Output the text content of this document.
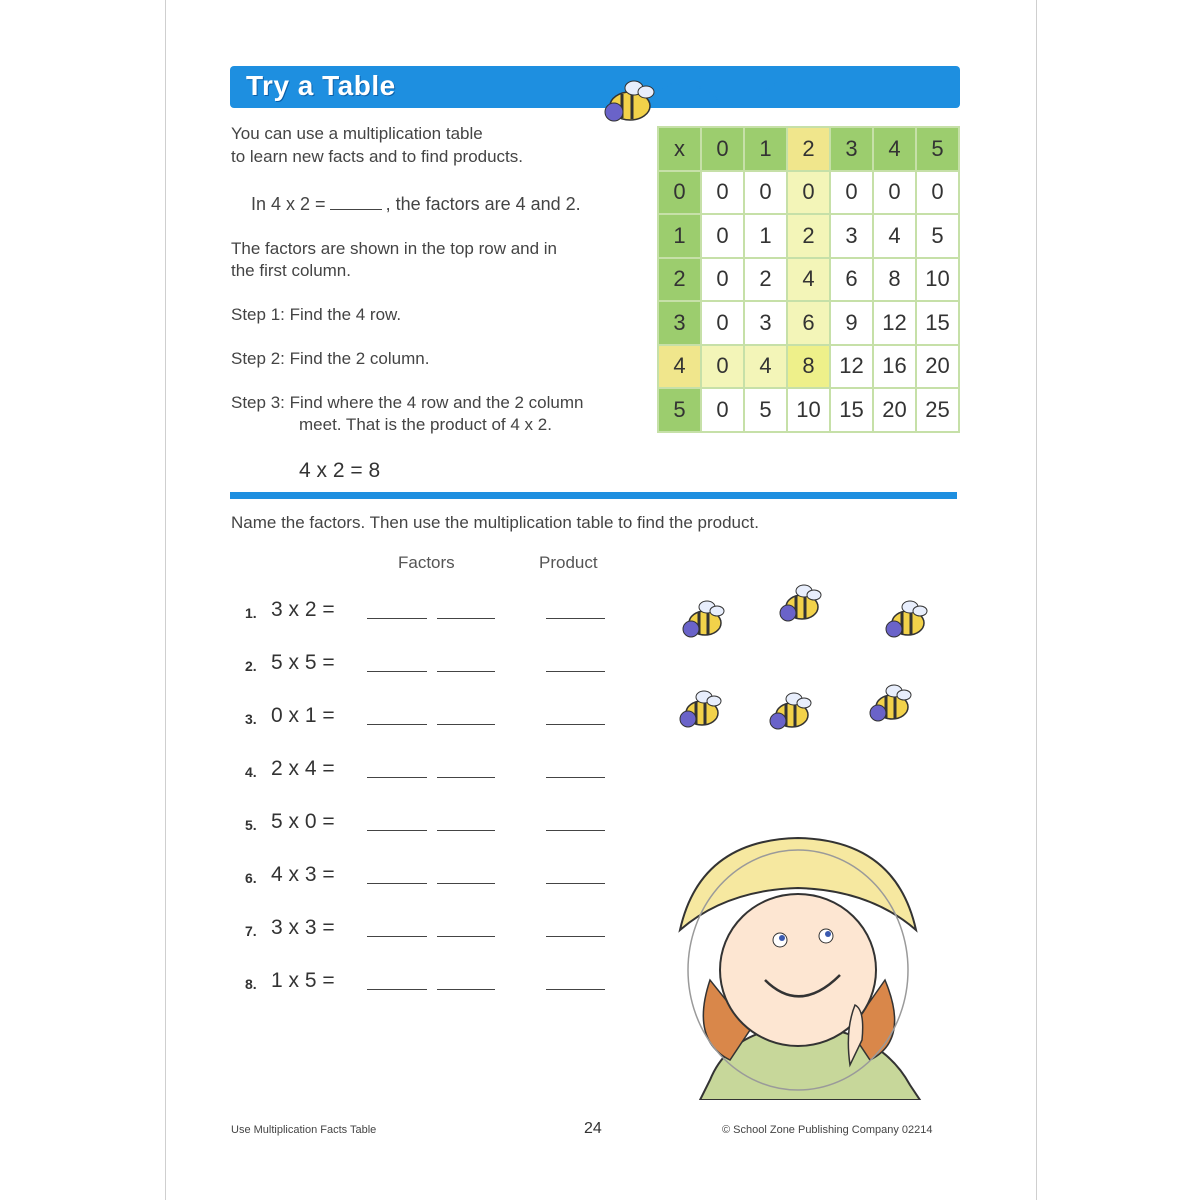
Try a Table
You can use a multiplication table
to learn new facts and to find products.
In 4 x 2 =	, the factors are 4 and 2.
The factors are shown in the top row and in
the first column.
Step 1: Find the 4 row.
Step 2: Find the 2 column.
Step 3: Find where the 4 row and the 2 column
meet. That is the product of 4 x 2.
4 x 2 = 8
x	0	1	2	3	4	5
0	0	0	0	0	0	0
1	0	1	2	3	4	5
2	0	2	4	6	8	10
3	0	3	6	9	12	15
4	0	4	8	12	16	20
5	0	5	10	15	20	25
Name the factors. Then use the multiplication table to find the product.
Factors	Product
1. 3 x 2 =
2. 5 x 5 =
3. 0 x 1 =
4. 2 x 4 =
5. 5 x 0 =
6. 4 x 3 =
7. 3 x 3 =
8. 1 x 5 =
Use Multiplication Facts Table	24	© School Zone Publishing Company 02214
